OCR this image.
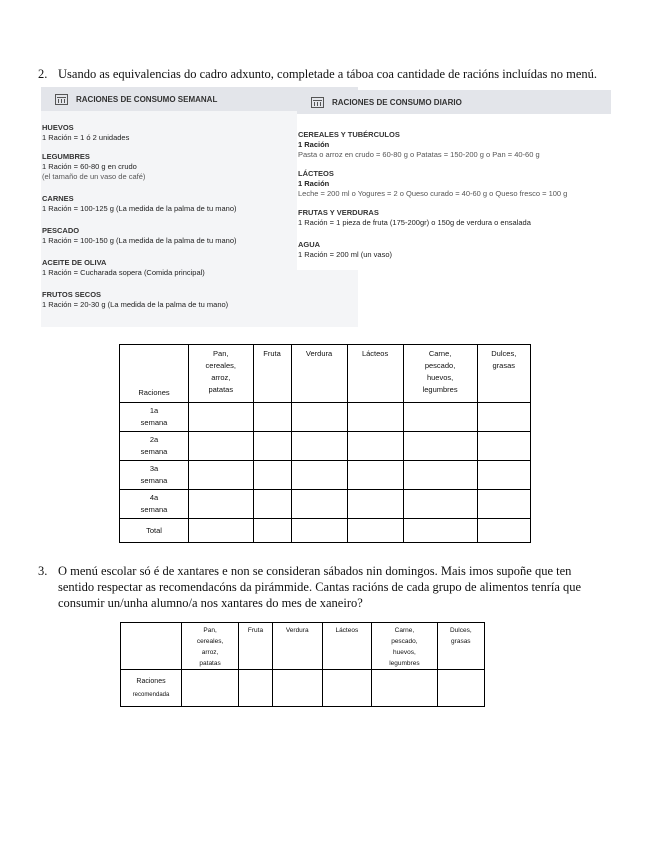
2. Usando as equivalencias do cadro adxunto, completade a táboa coa cantidade de racións incluídas no menú.
RACIONES DE CONSUMO SEMANAL
HUEVOS
1 Ración = 1 ó 2 unidades
LEGUMBRES
1 Ración = 60-80 g en crudo
(el tamaño de un vaso de café)
CARNES
1 Ración = 100-125 g (La medida de la palma de tu mano)
PESCADO
1 Ración = 100-150 g (La medida de la palma de tu mano)
ACEITE DE OLIVA
1 Ración = Cucharada sopera (Comida principal)
FRUTOS SECOS
1 Ración = 20-30 g (La medida de la palma de tu mano)
RACIONES DE CONSUMO DIARIO
CEREALES Y TUBÉRCULOS
1 Ración
Pasta o arroz en crudo = 60-80 g o Patatas = 150-200 g o Pan = 40-60 g
LÁCTEOS
1 Ración
Leche = 200 ml o Yogures = 2 o Queso curado = 40-60 g o Queso fresco = 100 g
FRUTAS Y VERDURAS
1 Ración = 1 pieza de fruta (175-200gr) o 150g de verdura o ensalada
AGUA
1 Ración = 200 ml (un vaso)
Raciones	Pan,
cereales,
arroz,
patatas	Fruta	Verdura	Lácteos	Carne,
pescado,
huevos,
legumbres	Dulces,
grasas
1a
semana						
2a
semana						
3a
semana						
4a
semana						
Total						
3. O menú escolar só é de xantares e non se consideran sábados nin domingos. Mais imos supoñe que ten
sentido respectar as recomendacóns da pirámmide. Cantas racións de cada grupo de alimentos tenría que
consumir un/unha alumno/a nos xantares do mes de xaneiro?
	Pan,
cereales,
arroz,
patatas	Fruta	Verdura	Lácteos	Carne,
pescado,
huevos,
legumbres	Dulces,
grasas
Raciones
recomendada						
